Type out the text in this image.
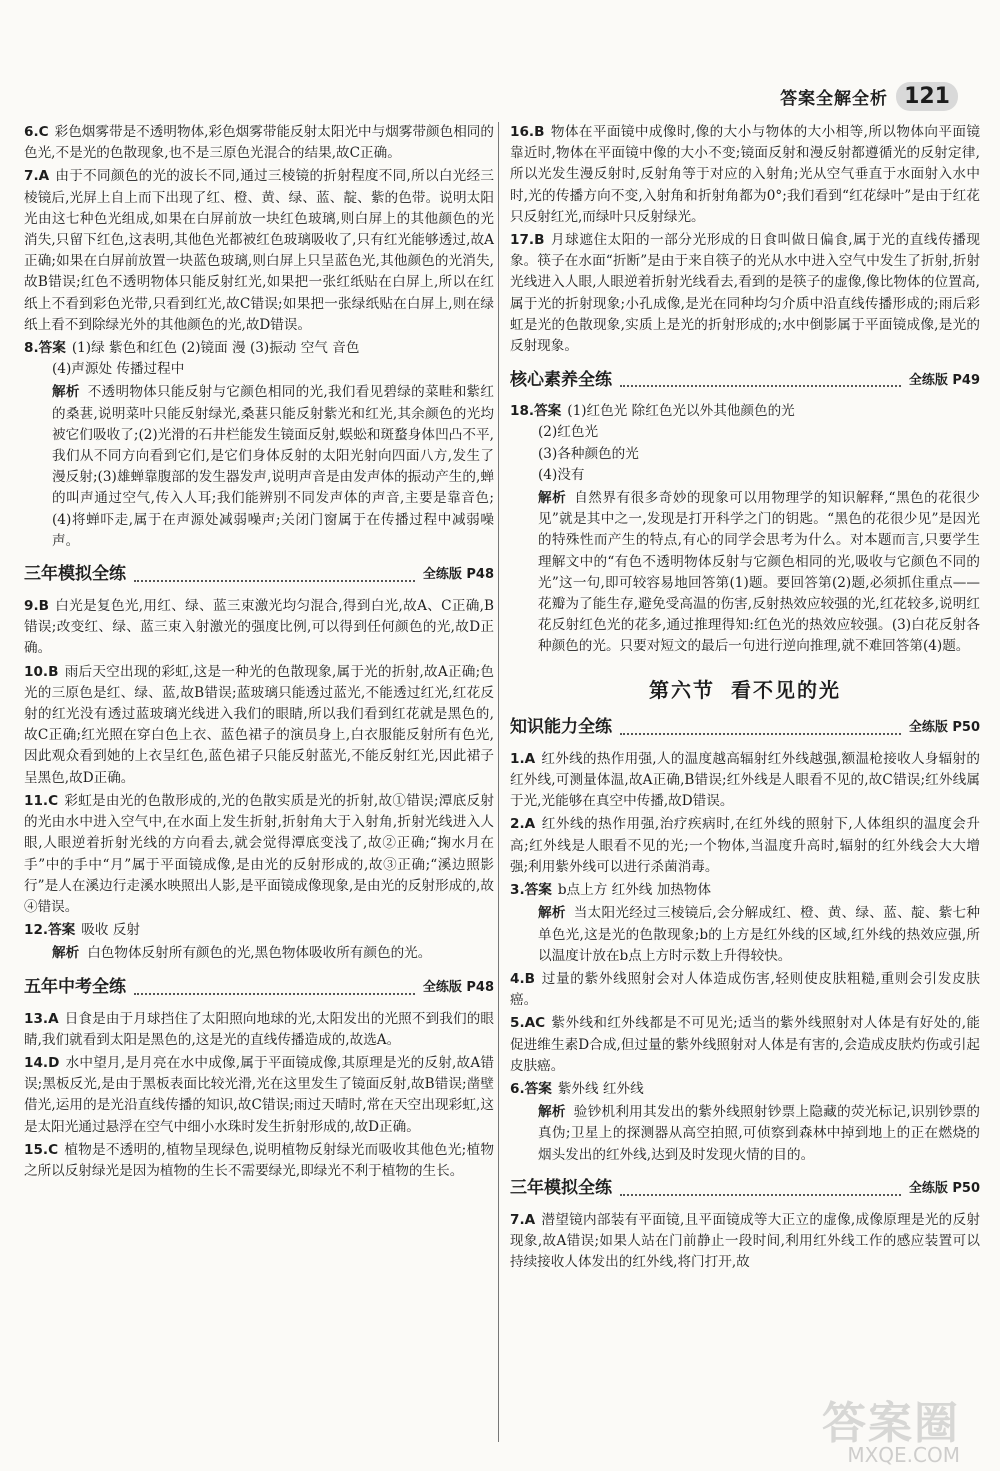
答案全解全析 121
6.C 彩色烟雾带是不透明物体,彩色烟雾带能反射太阳光中与烟雾带颜色相同的色光,不是光的色散现象,也不是三原色光混合的结果,故C正确。
7.A 由于不同颜色的光的波长不同,通过三棱镜的折射程度不同,所以白光经三棱镜后,光屏上自上而下出现了红、橙、黄、绿、蓝、靛、紫的色带。说明太阳光由这七种色光组成,如果在白屏前放一块红色玻璃,则白屏上的其他颜色的光消失,只留下红色,这表明,其他色光都被红色玻璃吸收了,只有红光能够透过,故A正确;如果在白屏前放置一块蓝色玻璃,则白屏上只呈蓝色光,其他颜色的光消失,故B错误;红色不透明物体只能反射红光,如果把一张红纸贴在白屏上,所以在红纸上不看到彩色光带,只看到红光,故C错误;如果把一张绿纸贴在白屏上,则在绿纸上看不到除绿光外的其他颜色的光,故D错误。
8.答案 (1)绿 紫色和红色 (2)镜面 漫 (3)振动 空气 音色
(4)声源处 传播过程中
解析 不透明物体只能反射与它颜色相同的光,我们看见碧绿的菜畦和紫红的桑葚,说明菜叶只能反射绿光,桑葚只能反射紫光和红光,其余颜色的光均被它们吸收了;(2)光滑的石井栏能发生镜面反射,蜈蚣和斑蝥身体凹凸不平,我们从不同方向看到它们,是它们身体反射的太阳光射向四面八方,发生了漫反射;(3)雄蝉靠腹部的发生器发声,说明声音是由发声体的振动产生的,蝉的叫声通过空气,传入人耳;我们能辨别不同发声体的声音,主要是靠音色;(4)将蝉吓走,属于在声源处减弱噪声;关闭门窗属于在传播过程中减弱噪声。
三年模拟全练	全练版 P48
9.B 白光是复色光,用红、绿、蓝三束激光均匀混合,得到白光,故A、C正确,B错误;改变红、绿、蓝三束入射激光的强度比例,可以得到任何颜色的光,故D正确。
10.B 雨后天空出现的彩虹,这是一种光的色散现象,属于光的折射,故A正确;色光的三原色是红、绿、蓝,故B错误;蓝玻璃只能透过蓝光,不能透过红光,红花反射的红光没有透过蓝玻璃光线进入我们的眼睛,所以我们看到红花就是黑色的,故C正确;红光照在穿白色上衣、蓝色裙子的演员身上,白衣服能反射所有色光,因此观众看到她的上衣呈红色,蓝色裙子只能反射蓝光,不能反射红光,因此裙子呈黑色,故D正确。
11.C 彩虹是由光的色散形成的,光的色散实质是光的折射,故①错误;潭底反射的光由水中进入空气中,在水面上发生折射,折射角大于入射角,折射光线进入人眼,人眼逆着折射光线的方向看去,就会觉得潭底变浅了,故②正确;“掬水月在手”中的手中“月”属于平面镜成像,是由光的反射形成的,故③正确;“溪边照影行”是人在溪边行走溪水映照出人影,是平面镜成像现象,是由光的反射形成的,故④错误。
12.答案 吸收 反射
解析 白色物体反射所有颜色的光,黑色物体吸收所有颜色的光。
五年中考全练	全练版 P48
13.A 日食是由于月球挡住了太阳照向地球的光,太阳发出的光照不到我们的眼睛,我们就看到太阳是黑色的,这是光的直线传播造成的,故选A。
14.D 水中望月,是月亮在水中成像,属于平面镜成像,其原理是光的反射,故A错误;黑板反光,是由于黑板表面比较光滑,光在这里发生了镜面反射,故B错误;凿壁借光,运用的是光沿直线传播的知识,故C错误;雨过天晴时,常在天空出现彩虹,这是太阳光通过悬浮在空气中细小水珠时发生折射形成的,故D正确。
15.C 植物是不透明的,植物呈现绿色,说明植物反射绿光而吸收其他色光;植物之所以反射绿光是因为植物的生长不需要绿光,即绿光不利于植物的生长。
16.B 物体在平面镜中成像时,像的大小与物体的大小相等,所以物体向平面镜靠近时,物体在平面镜中像的大小不变;镜面反射和漫反射都遵循光的反射定律,所以光发生漫反射时,反射角等于对应的入射角;光从空气垂直于水面射入水中时,光的传播方向不变,入射角和折射角都为0°;我们看到“红花绿叶”是由于红花只反射红光,而绿叶只反射绿光。
17.B 月球遮住太阳的一部分光形成的日食叫做日偏食,属于光的直线传播现象。筷子在水面“折断”是由于来自筷子的光从水中进入空气中发生了折射,折射光线进入人眼,人眼逆着折射光线看去,看到的是筷子的虚像,像比物体的位置高,属于光的折射现象;小孔成像,是光在同种均匀介质中沿直线传播形成的;雨后彩虹是光的色散现象,实质上是光的折射形成的;水中倒影属于平面镜成像,是光的反射现象。
核心素养全练	全练版 P49
18.答案 (1)红色光 除红色光以外其他颜色的光
(2)红色光
(3)各种颜色的光
(4)没有
解析 自然界有很多奇妙的现象可以用物理学的知识解释,“黑色的花很少见”就是其中之一,发现是打开科学之门的钥匙。“黑色的花很少见”是因光的特殊性而产生的特点,有心的同学会思考为什么。对本题而言,只要学生理解文中的“有色不透明物体反射与它颜色相同的光,吸收与它颜色不同的光”这一句,即可较容易地回答第(1)题。要回答第(2)题,必须抓住重点——花瓣为了能生存,避免受高温的伤害,反射热效应较强的光,红花较多,说明红花反射红色光的花多,通过推理得知:红色光的热效应较强。(3)白花反射各种颜色的光。只要对短文的最后一句进行逆向推理,就不难回答第(4)题。
第六节 看不见的光
知识能力全练	全练版 P50
1.A 红外线的热作用强,人的温度越高辐射红外线越强,额温枪接收人身辐射的红外线,可测量体温,故A正确,B错误;红外线是人眼看不见的,故C错误;红外线属于光,光能够在真空中传播,故D错误。
2.A 红外线的热作用强,治疗疾病时,在红外线的照射下,人体组织的温度会升高;红外线是人眼看不见的光;一个物体,当温度升高时,辐射的红外线会大大增强;利用紫外线可以进行杀菌消毒。
3.答案 b点上方 红外线 加热物体
解析 当太阳光经过三棱镜后,会分解成红、橙、黄、绿、蓝、靛、紫七种单色光,这是光的色散现象;b的上方是红外线的区域,红外线的热效应强,所以温度计放在b点上方时示数上升得较快。
4.B 过量的紫外线照射会对人体造成伤害,轻则使皮肤粗糙,重则会引发皮肤癌。
5.AC 紫外线和红外线都是不可见光;适当的紫外线照射对人体是有好处的,能促进维生素D合成,但过量的紫外线照射对人体是有害的,会造成皮肤灼伤或引起皮肤癌。
6.答案 紫外线 红外线
解析 验钞机利用其发出的紫外线照射钞票上隐藏的荧光标记,识别钞票的真伪;卫星上的探测器从高空拍照,可侦察到森林中掉到地上的正在燃烧的烟头发出的红外线,达到及时发现火情的目的。
三年模拟全练	全练版 P50
7.A 潜望镜内部装有平面镜,且平面镜成等大正立的虚像,成像原理是光的反射现象,故A错误;如果人站在门前静止一段时间,利用红外线工作的感应装置可以持续接收人体发出的红外线,将门打开,故
答案圈
MXQE.COM
